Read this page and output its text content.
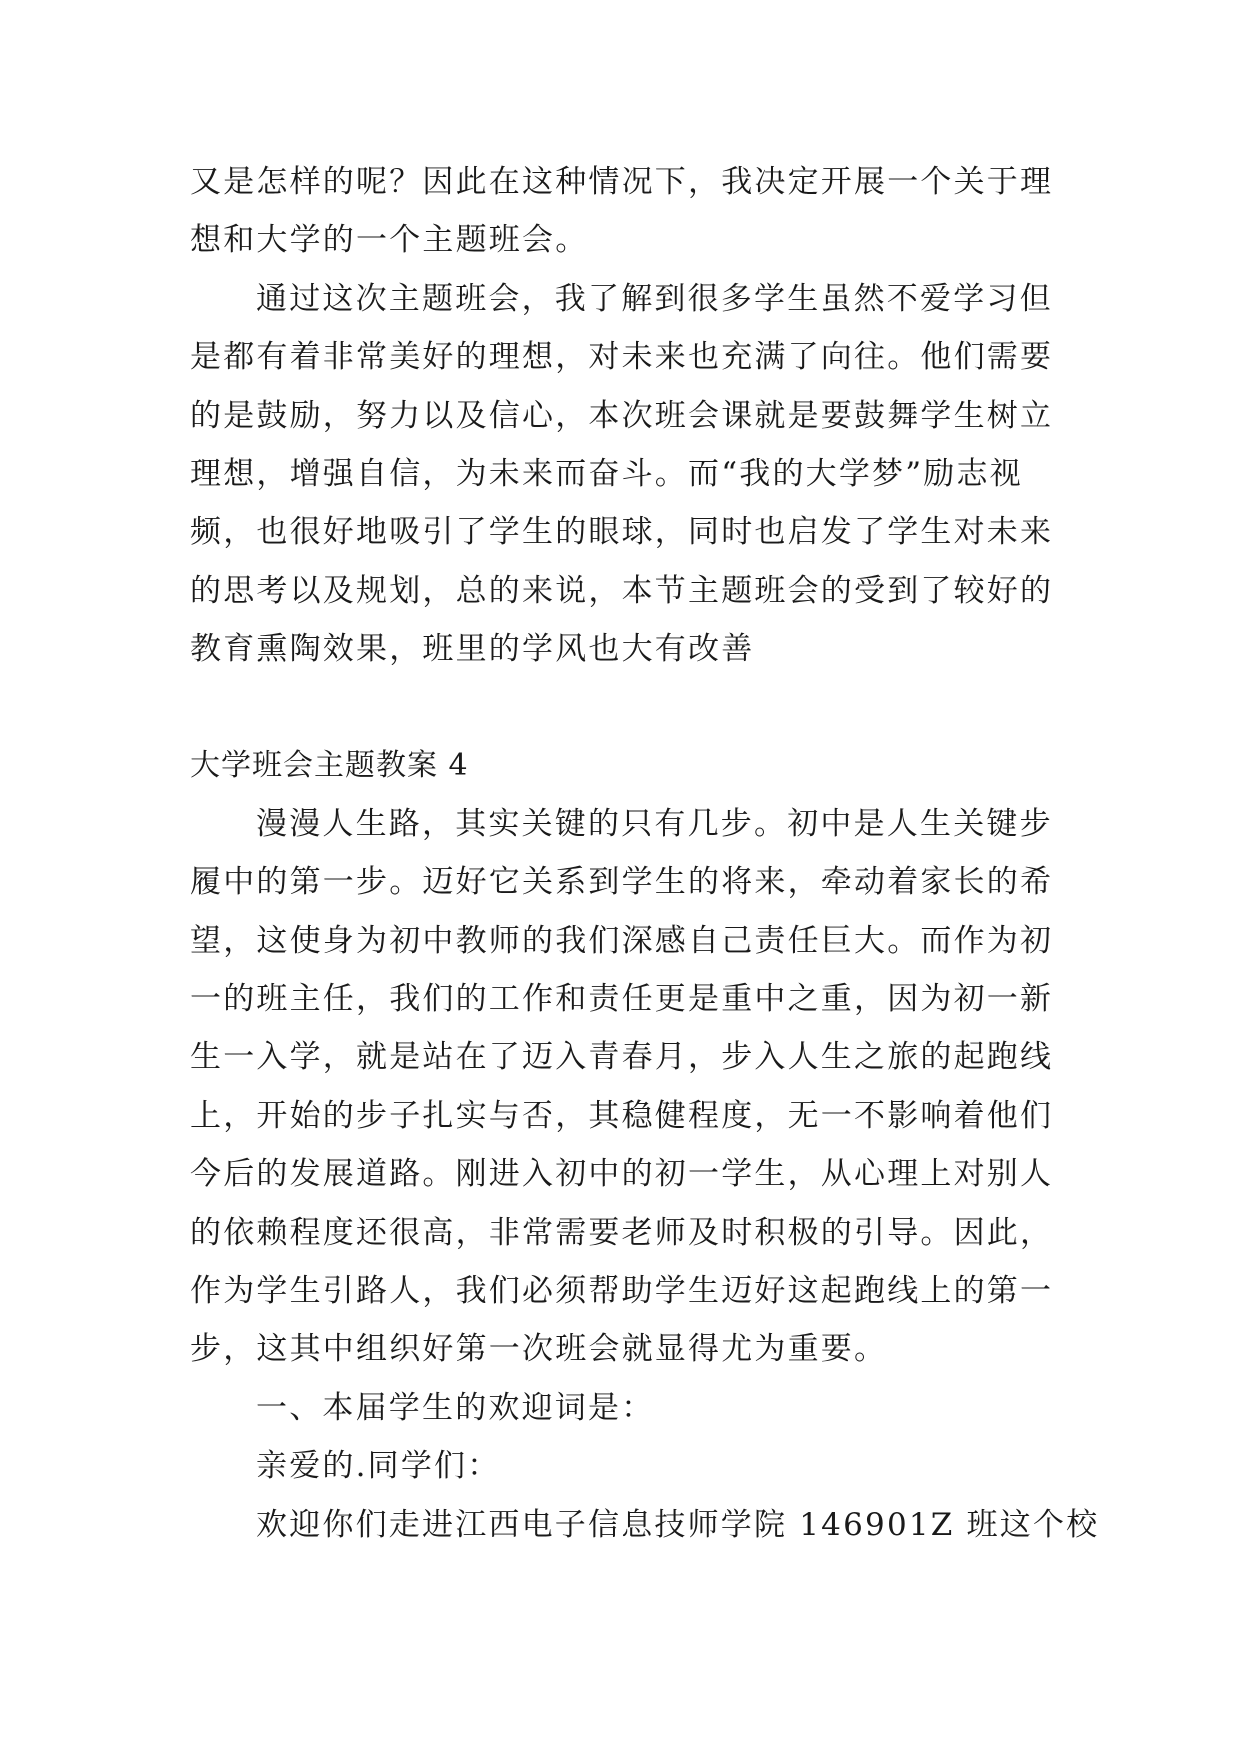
又是怎样的呢？因此在这种情况下，我决定开展一个关于理
想和大学的一个主题班会。
通过这次主题班会，我了解到很多学生虽然不爱学习但
是都有着非常美好的理想，对未来也充满了向往。他们需要
的是鼓励，努力以及信心，本次班会课就是要鼓舞学生树立
理想，增强自信，为未来而奋斗。而“我的大学梦”励志视
频，也很好地吸引了学生的眼球，同时也启发了学生对未来
的思考以及规划，总的来说，本节主题班会的受到了较好的
教育熏陶效果，班里的学风也大有改善
大学班会主题教案 4
漫漫人生路，其实关键的只有几步。初中是人生关键步
履中的第一步。迈好它关系到学生的将来，牵动着家长的希
望，这使身为初中教师的我们深感自己责任巨大。而作为初
一的班主任，我们的工作和责任更是重中之重，因为初一新
生一入学，就是站在了迈入青春月，步入人生之旅的起跑线
上，开始的步子扎实与否，其稳健程度，无一不影响着他们
今后的发展道路。刚进入初中的初一学生，从心理上对别人
的依赖程度还很高，非常需要老师及时积极的引导。因此，
作为学生引路人，我们必须帮助学生迈好这起跑线上的第一
步，这其中组织好第一次班会就显得尤为重要。
一、本届学生的欢迎词是：
亲爱的.同学们：
欢迎你们走进江西电子信息技师学院 146901Z 班这个校
